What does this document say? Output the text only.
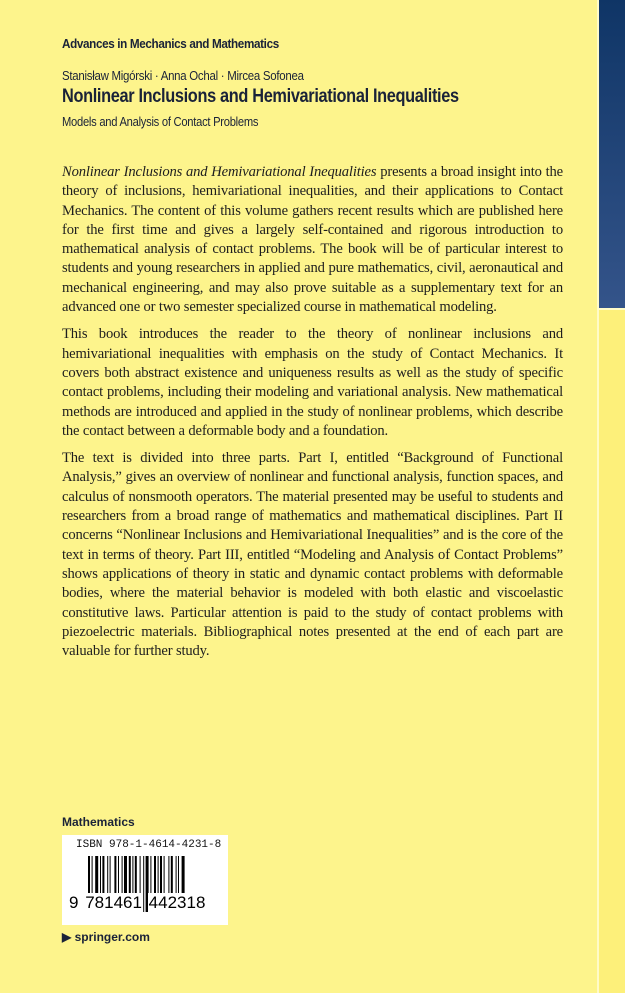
Advances in Mechanics and Mathematics
Stanisław Migórski · Anna Ochal · Mircea Sofonea
Nonlinear Inclusions and Hemivariational Inequalities
Models and Analysis of Contact Problems

Nonlinear Inclusions and Hemivariational Inequalities presents a broad insight into the theory of inclusions, hemivariational inequalities, and their applications to Contact Mechanics. The content of this volume gathers recent results which are published here for the first time and gives a largely self-contained and rigorous introduction to mathematical analysis of contact problems. The book will be of particular interest to students and young researchers in applied and pure mathematics, civil, aeronautical and mechanical engineering, and may also prove suitable as a supplementary text for an advanced one or two semester specialized course in mathematical modeling.

This book introduces the reader to the theory of nonlinear inclusions and hemivariational inequalities with emphasis on the study of Contact Mechanics. It covers both abstract existence and uniqueness results as well as the study of specific contact problems, including their modeling and variational analysis. New mathematical methods are introduced and applied in the study of nonlinear problems, which describe the contact between a deformable body and a foundation.

The text is divided into three parts. Part I, entitled “Background of Functional Analysis,” gives an overview of nonlinear and functional analysis, function spaces, and calculus of nonsmooth operators. The material presented may be useful to students and researchers from a broad range of mathematics and mathematical disciplines. Part II concerns “Nonlinear Inclusions and Hemivariational Inequalities” and is the core of the text in terms of theory. Part III, entitled “Modeling and Analysis of Contact Problems” shows applications of theory in static and dynamic contact problems with deformable bodies, where the material behavior is modeled with both elastic and viscoelastic constitutive laws. Particular attention is paid to the study of contact problems with piezoelectric materials. Bibliographical notes presented at the end of each part are valuable for further study.

Mathematics
ISBN 978-1-4614-4231-8
9 781461 442318
▶ springer.com
